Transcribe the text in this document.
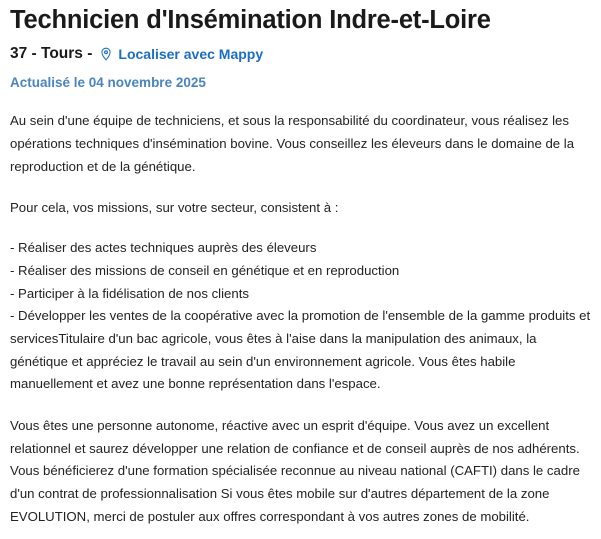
Technicien d'Insémination Indre-et-Loire
37 - Tours - Localiser avec Mappy
Actualisé le 04 novembre 2025

Au sein d'une équipe de techniciens, et sous la responsabilité du coordinateur, vous réalisez les opérations techniques d'insémination bovine. Vous conseillez les éleveurs dans le domaine de la reproduction et de la génétique.

Pour cela, vos missions, sur votre secteur, consistent à :

- Réaliser des actes techniques auprès des éleveurs

- Réaliser des missions de conseil en génétique et en reproduction

- Participer à la fidélisation de nos clients

- Développer les ventes de la coopérative avec la promotion de l'ensemble de la gamme produits et servicesTitulaire d'un bac agricole, vous êtes à l'aise dans la manipulation des animaux, la génétique et appréciez le travail au sein d'un environnement agricole. Vous êtes habile manuellement et avez une bonne représentation dans l'espace.

Vous êtes une personne autonome, réactive avec un esprit d'équipe. Vous avez un excellent relationnel et saurez développer une relation de confiance et de conseil auprès de nos adhérents. Vous bénéficierez d'une formation spécialisée reconnue au niveau national (CAFTI) dans le cadre d'un contrat de professionnalisation Si vous êtes mobile sur d'autres département de la zone EVOLUTION, merci de postuler aux offres correspondant à vos autres zones de mobilité.
